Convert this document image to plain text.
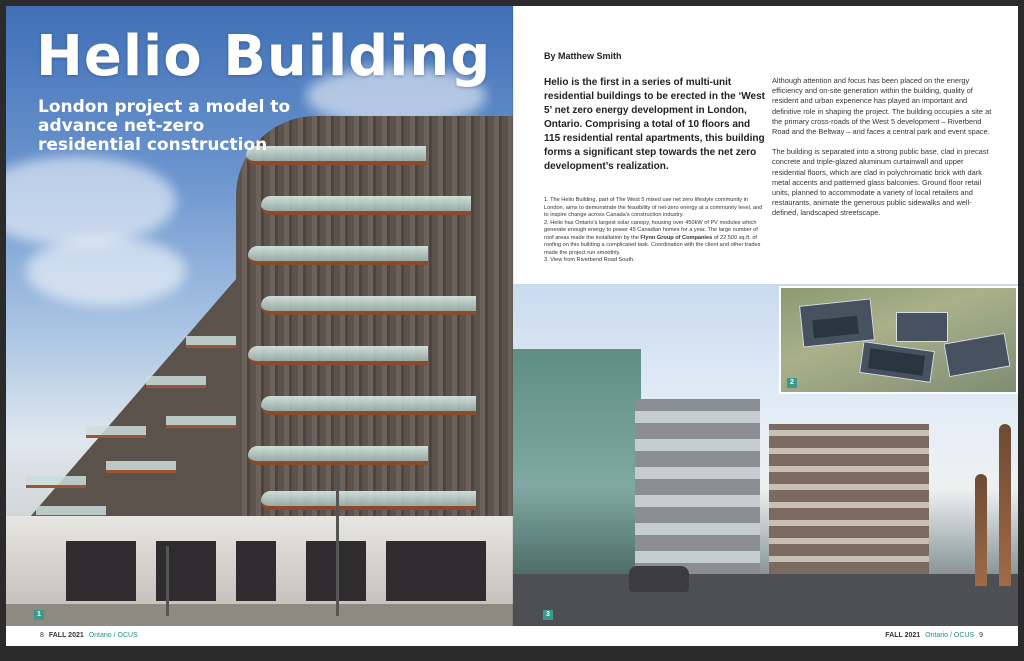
Helio Building

London project a model to advance net-zero residential construction

1

By Matthew Smith

Helio is the first in a series of multi-unit residential buildings to be erected in the ‘West 5’ net zero energy development in London, Ontario. Comprising a total of 10 floors and 115 residential rental apartments, this building forms a significant step towards the net zero development’s realization.

1. The Helio Building, part of The West 5 mixed use net zero lifestyle community in London, aims to demonstrate the feasibility of net-zero energy at a community level, and to inspire change across Canada’s construction industry.
2. Helio has Ontario’s largest solar canopy, housing over 450kW of PV modules which generate enough energy to power 45 Canadian homes for a year. The large number of roof areas made the installation by the Flynn Group of Companies of 22,500 sq.ft. of roofing on this building a complicated task. Coordination with the client and other trades made the project run smoothly.
3. View from Riverbend Road South.

Although attention and focus has been placed on the energy efficiency and on-site generation within the building, quality of resident and urban experience has played an important and definitive role in shaping the project. The building occupies a site at the primary cross-roads of the West 5 development – Riverbend Road and the Beltway – and faces a central park and event space.

The building is separated into a strong public base, clad in precast concrete and triple-glazed aluminum curtainwall and upper residential floors, which are clad in polychromatic brick with dark metal accents and patterned glass balconies. Ground floor retail units, planned to accommodate a variety of local retailers and restaurants, animate the generous public sidewalks and well- defined, landscaped streetscape.

3
2
8 FALL 2021 Ontario / OCUS	FALL 2021 Ontario / OCUS 9
